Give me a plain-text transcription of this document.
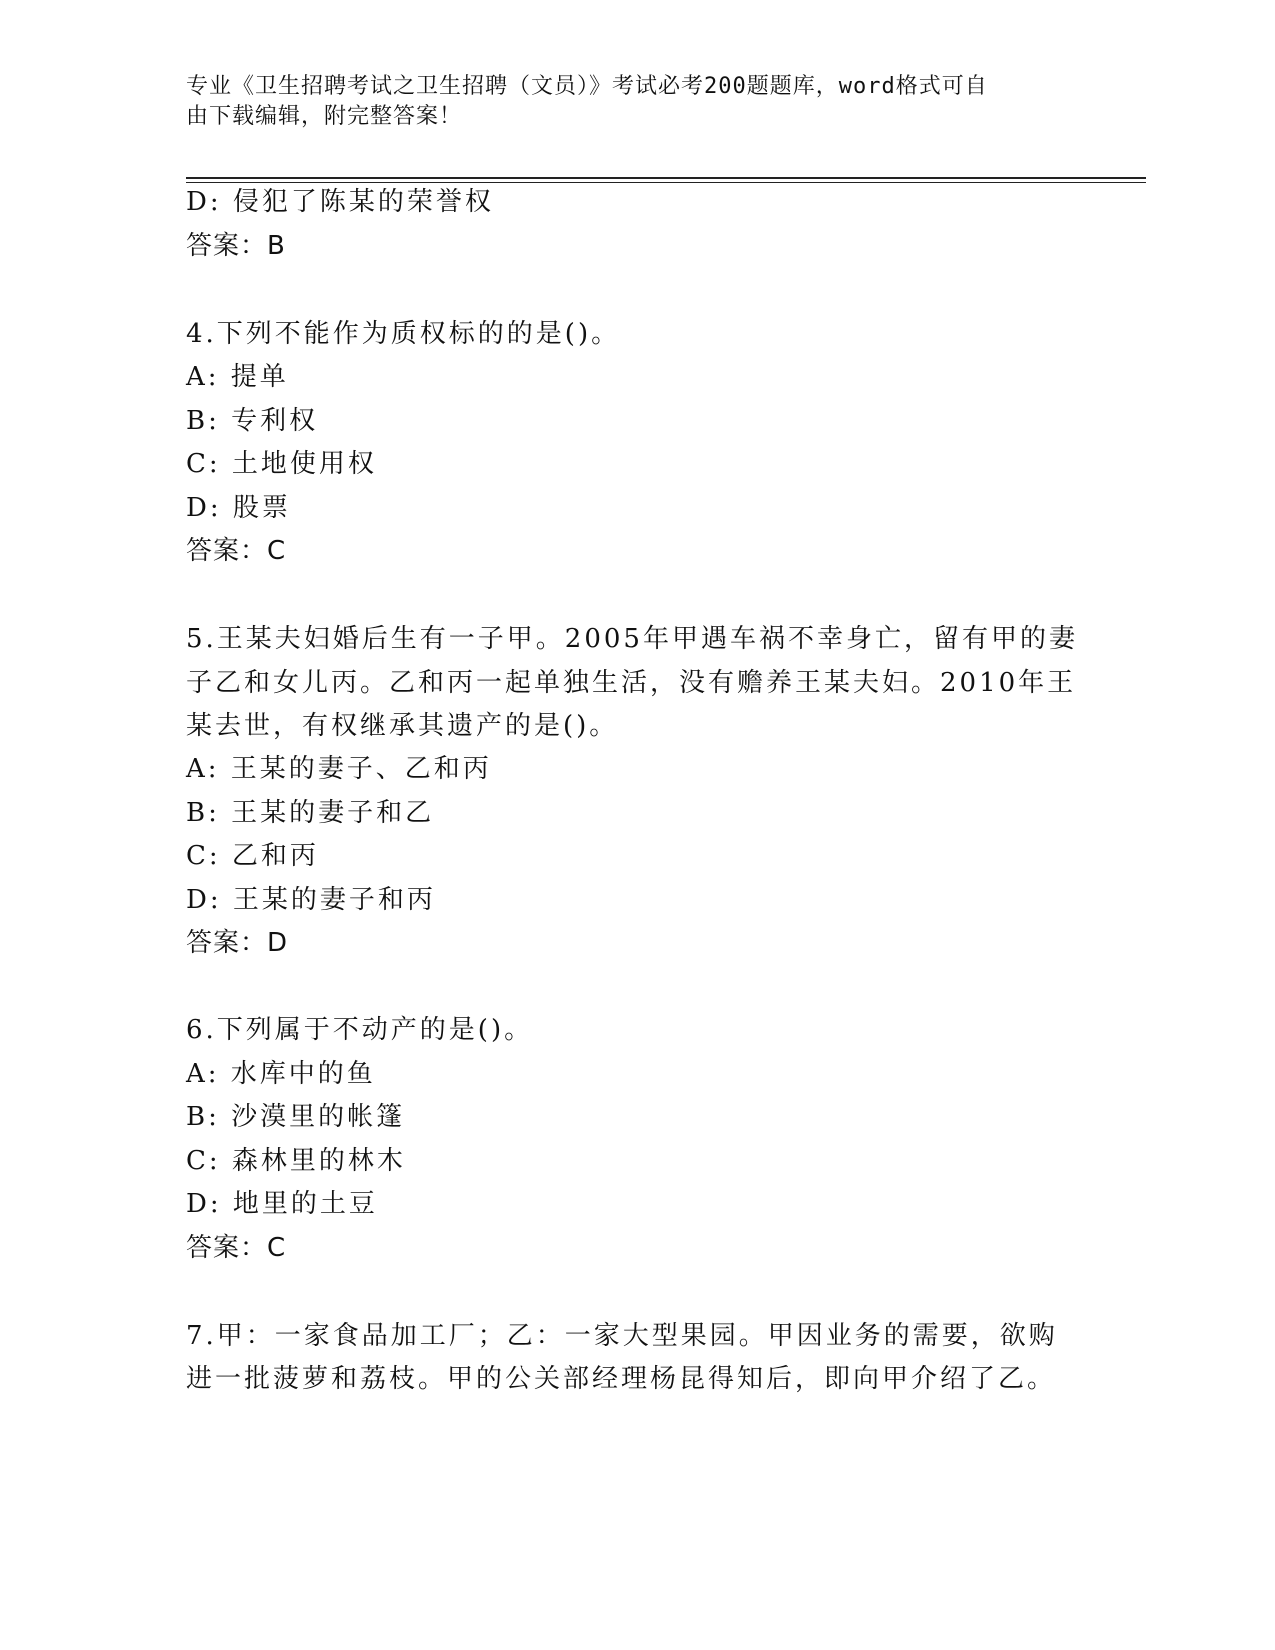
专业《卫生招聘考试之卫生招聘（文员）》考试必考200题题库，word格式可自
由下载编辑，附完整答案！
D: 侵犯了陈某的荣誉权
答案：B
4.下列不能作为质权标的的是()。
A: 提单
B: 专利权
C: 土地使用权
D: 股票
答案：C
5.王某夫妇婚后生有一子甲。2005年甲遇车祸不幸身亡，留有甲的妻
子乙和女儿丙。乙和丙一起单独生活，没有赡养王某夫妇。2010年王
某去世，有权继承其遗产的是()。
A: 王某的妻子、乙和丙
B: 王某的妻子和乙
C: 乙和丙
D: 王某的妻子和丙
答案：D
6.下列属于不动产的是()。
A: 水库中的鱼
B: 沙漠里的帐篷
C: 森林里的林木
D: 地里的土豆
答案：C
7.甲：一家食品加工厂；乙：一家大型果园。甲因业务的需要，欲购
进一批菠萝和荔枝。甲的公关部经理杨昆得知后，即向甲介绍了乙。
